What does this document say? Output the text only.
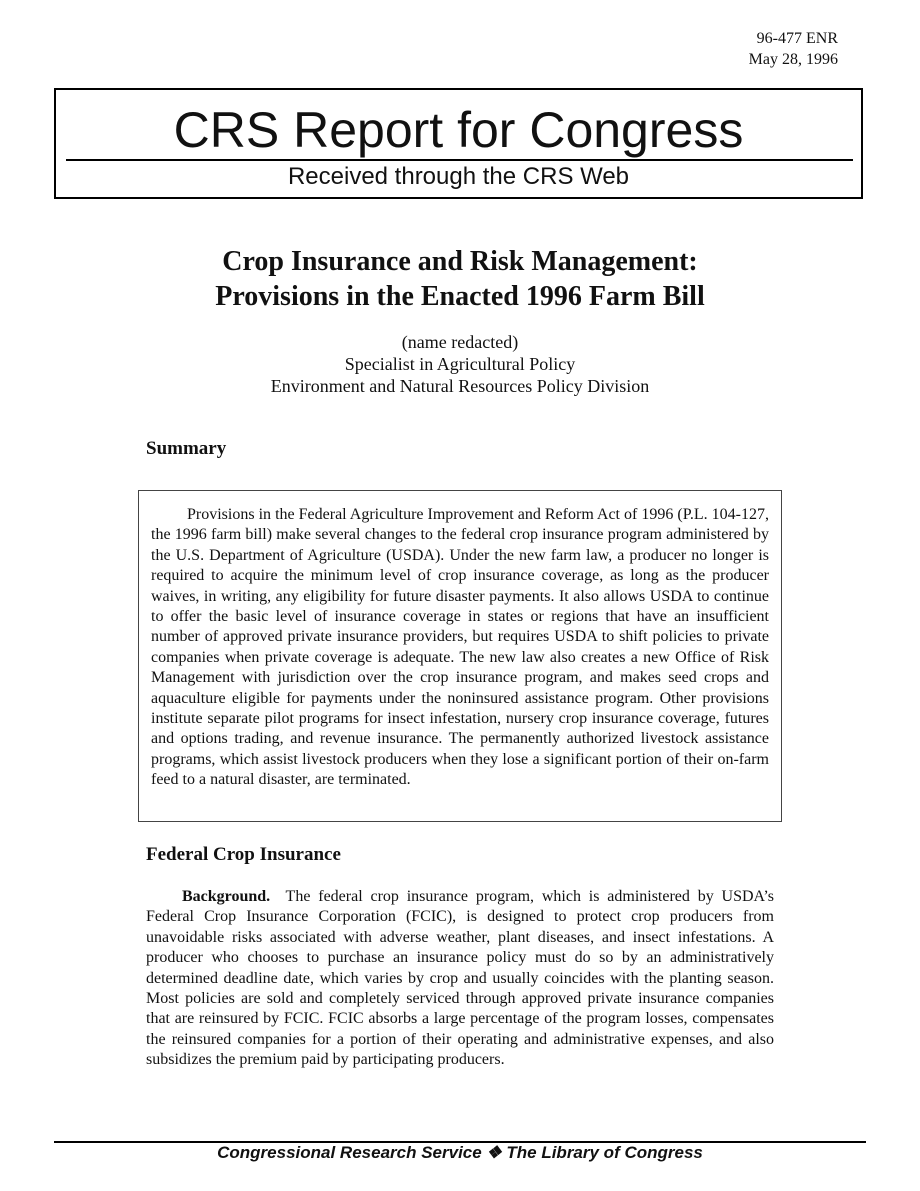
96-477 ENR
May 28, 1996
CRS Report for Congress
Received through the CRS Web
Crop Insurance and Risk Management:
Provisions in the Enacted 1996 Farm Bill
(name redacted)
Specialist in Agricultural Policy
Environment and Natural Resources Policy Division
Summary

Provisions in the Federal Agriculture Improvement and Reform Act of 1996 (P.L. 104-127, the 1996 farm bill) make several changes to the federal crop insurance program administered by the U.S. Department of Agriculture (USDA). Under the new farm law, a producer no longer is required to acquire the minimum level of crop insurance coverage, as long as the producer waives, in writing, any eligibility for future disaster payments. It also allows USDA to continue to offer the basic level of insurance coverage in states or regions that have an insufficient number of approved private insurance providers, but requires USDA to shift policies to private companies when private coverage is adequate. The new law also creates a new Office of Risk Management with jurisdiction over the crop insurance program, and makes seed crops and aquaculture eligible for payments under the noninsured assistance program. Other provisions institute separate pilot programs for insect infestation, nursery crop insurance coverage, futures and options trading, and revenue insurance. The permanently authorized livestock assistance programs, which assist livestock producers when they lose a significant portion of their on-farm feed to a natural disaster, are terminated.

Federal Crop Insurance

Background. The federal crop insurance program, which is administered by USDA’s Federal Crop Insurance Corporation (FCIC), is designed to protect crop producers from unavoidable risks associated with adverse weather, plant diseases, and insect infestations. A producer who chooses to purchase an insurance policy must do so by an administratively determined deadline date, which varies by crop and usually coincides with the planting season. Most policies are sold and completely serviced through approved private insurance companies that are reinsured by FCIC. FCIC absorbs a large percentage of the program losses, compensates the reinsured companies for a portion of their operating and administrative expenses, and also subsidizes the premium paid by participating producers.

Congressional Research Service ❖ The Library of Congress
